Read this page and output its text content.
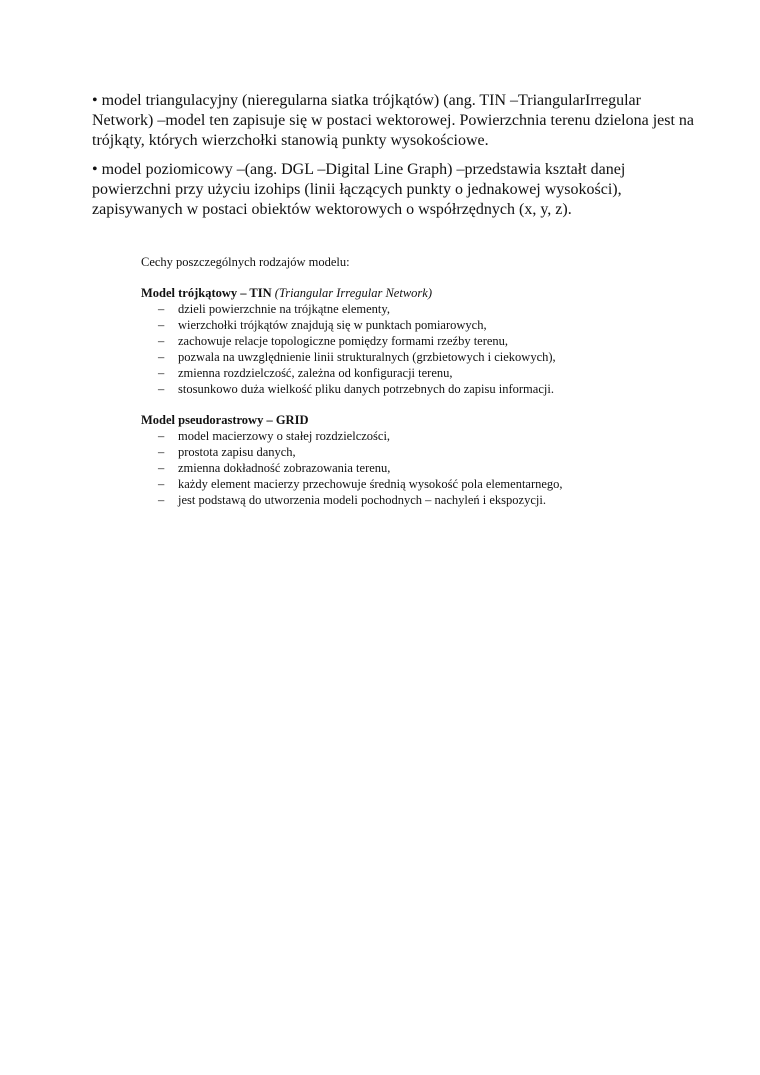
• model triangulacyjny (nieregularna siatka trójkątów) (ang. TIN –TriangularIrregular
Network) –model ten zapisuje się w postaci wektorowej. Powierzchnia terenu dzielona jest na
trójkąty, których wierzchołki stanowią punkty wysokościowe.
• model poziomicowy –(ang. DGL –Digital Line Graph) –przedstawia kształt danej
powierzchni przy użyciu izohips (linii łączących punkty o jednakowej wysokości),
zapisywanych w postaci obiektów wektorowych o współrzędnych (x, y, z).
Cechy poszczególnych rodzajów modelu:
Model trójkątowy – TIN (Triangular Irregular Network)
–	dzieli powierzchnie na trójkątne elementy,
–	wierzchołki trójkątów znajdują się w punktach pomiarowych,
–	zachowuje relacje topologiczne pomiędzy formami rzeźby terenu,
–	pozwala na uwzględnienie linii strukturalnych (grzbietowych i ciekowych),
–	zmienna rozdzielczość, zależna od konfiguracji terenu,
–	stosunkowo duża wielkość pliku danych potrzebnych do zapisu informacji.
Model pseudorastrowy – GRID
–	model macierzowy o stałej rozdzielczości,
–	prostota zapisu danych,
–	zmienna dokładność zobrazowania terenu,
–	każdy element macierzy przechowuje średnią wysokość pola elementarnego,
–	jest podstawą do utworzenia modeli pochodnych – nachyleń i ekspozycji.
